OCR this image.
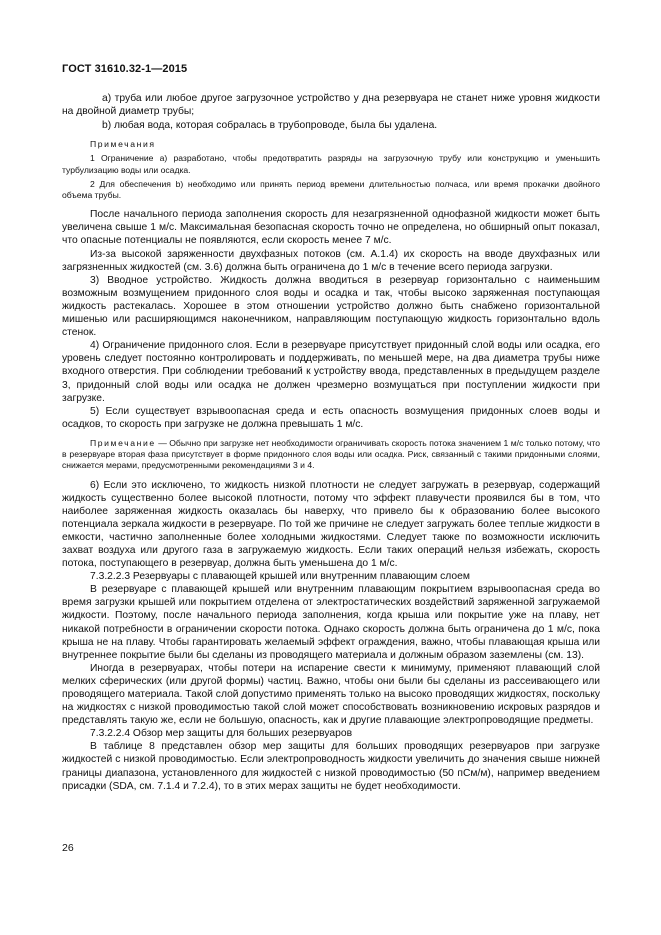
ГОСТ 31610.32-1—2015

а) труба или любое другое загрузочное устройство у дна резервуара не станет ниже уровня жидкости на двойной диаметр трубы;

b) любая вода, которая собралась в трубопроводе, была бы удалена.

Примечания

1 Ограничение а) разработано, чтобы предотвратить разряды на загрузочную трубу или конструкцию и уменьшить турбулизацию воды или осадка.

2 Для обеспечения b) необходимо или принять период времени длительностью полчаса, или время прокачки двойного объема трубы.

После начального периода заполнения скорость для незагрязненной однофазной жидкости может быть увеличена свыше 1 м/с. Максимальная безопасная скорость точно не определена, но обширный опыт показал, что опасные потенциалы не появляются, если скорость менее 7 м/с.

Из-за высокой заряженности двухфазных потоков (см. А.1.4) их скорость на вводе двухфазных или загрязненных жидкостей (см. 3.6) должна быть ограничена до 1 м/с в течение всего периода загрузки.

3) Вводное устройство. Жидкость должна вводиться в резервуар горизонтально с наименьшим возможным возмущением придонного слоя воды и осадка и так, чтобы высоко заряженная поступающая жидкость растекалась. Хорошее в этом отношении устройство должно быть снабжено горизонтальной мишенью или расширяющимся наконечником, направляющим поступающую жидкость горизонтально вдоль стенок.

4) Ограничение придонного слоя. Если в резервуаре присутствует придонный слой воды или осадка, его уровень следует постоянно контролировать и поддерживать, по меньшей мере, на два диаметра трубы ниже входного отверстия. При соблюдении требований к устройству ввода, представленных в предыдущем разделе 3, придонный слой воды или осадка не должен чрезмерно возмущаться при поступлении жидкости при загрузке.

5) Если существует взрывоопасная среда и есть опасность возмущения придонных слоев воды и осадков, то скорость при загрузке не должна превышать 1 м/с.

Примечание — Обычно при загрузке нет необходимости ограничивать скорость потока значением 1 м/с только потому, что в резервуаре вторая фаза присутствует в форме придонного слоя воды или осадка. Риск, связанный с такими придонными слоями, снижается мерами, предусмотренными рекомендациями 3 и 4.

6) Если это исключено, то жидкость низкой плотности не следует загружать в резервуар, содержащий жидкость существенно более высокой плотности, потому что эффект плавучести проявился бы в том, что наиболее заряженная жидкость оказалась бы наверху, что привело бы к образованию более высокого потенциала зеркала жидкости в резервуаре. По той же причине не следует загружать более теплые жидкости в емкости, частично заполненные более холодными жидкостями. Следует также по возможности исключить захват воздуха или другого газа в загружаемую жидкость. Если таких операций нельзя избежать, скорость потока, поступающего в резервуар, должна быть уменьшена до 1 м/с.

7.3.2.2.3 Резервуары с плавающей крышей или внутренним плавающим слоем

В резервуаре с плавающей крышей или внутренним плавающим покрытием взрывоопасная среда во время загрузки крышей или покрытием отделена от электростатических воздействий заряженной загружаемой жидкости. Поэтому, после начального периода заполнения, когда крыша или покрытие уже на плаву, нет никакой потребности в ограничении скорости потока. Однако скорость должна быть ограничена до 1 м/с, пока крыша не на плаву. Чтобы гарантировать желаемый эффект ограждения, важно, чтобы плавающая крыша или внутреннее покрытие были бы сделаны из проводящего материала и должным образом заземлены (см. 13).

Иногда в резервуарах, чтобы потери на испарение свести к минимуму, применяют плавающий слой мелких сферических (или другой формы) частиц. Важно, чтобы они были бы сделаны из рассеивающего или проводящего материала. Такой слой допустимо применять только на высоко проводящих жидкостях, поскольку на жидкостях с низкой проводимостью такой слой может способствовать возникновению искровых разрядов и представлять такую же, если не большую, опасность, как и другие плавающие электропроводящие предметы.

7.3.2.2.4 Обзор мер защиты для больших резервуаров

В таблице 8 представлен обзор мер защиты для больших проводящих резервуаров при загрузке жидкостей с низкой проводимостью. Если электропроводность жидкости увеличить до значения свыше нижней границы диапазона, установленного для жидкостей с низкой проводимостью (50 пСм/м), например введением присадки (SDA, см. 7.1.4 и 7.2.4), то в этих мерах защиты не будет необходимости.

26
